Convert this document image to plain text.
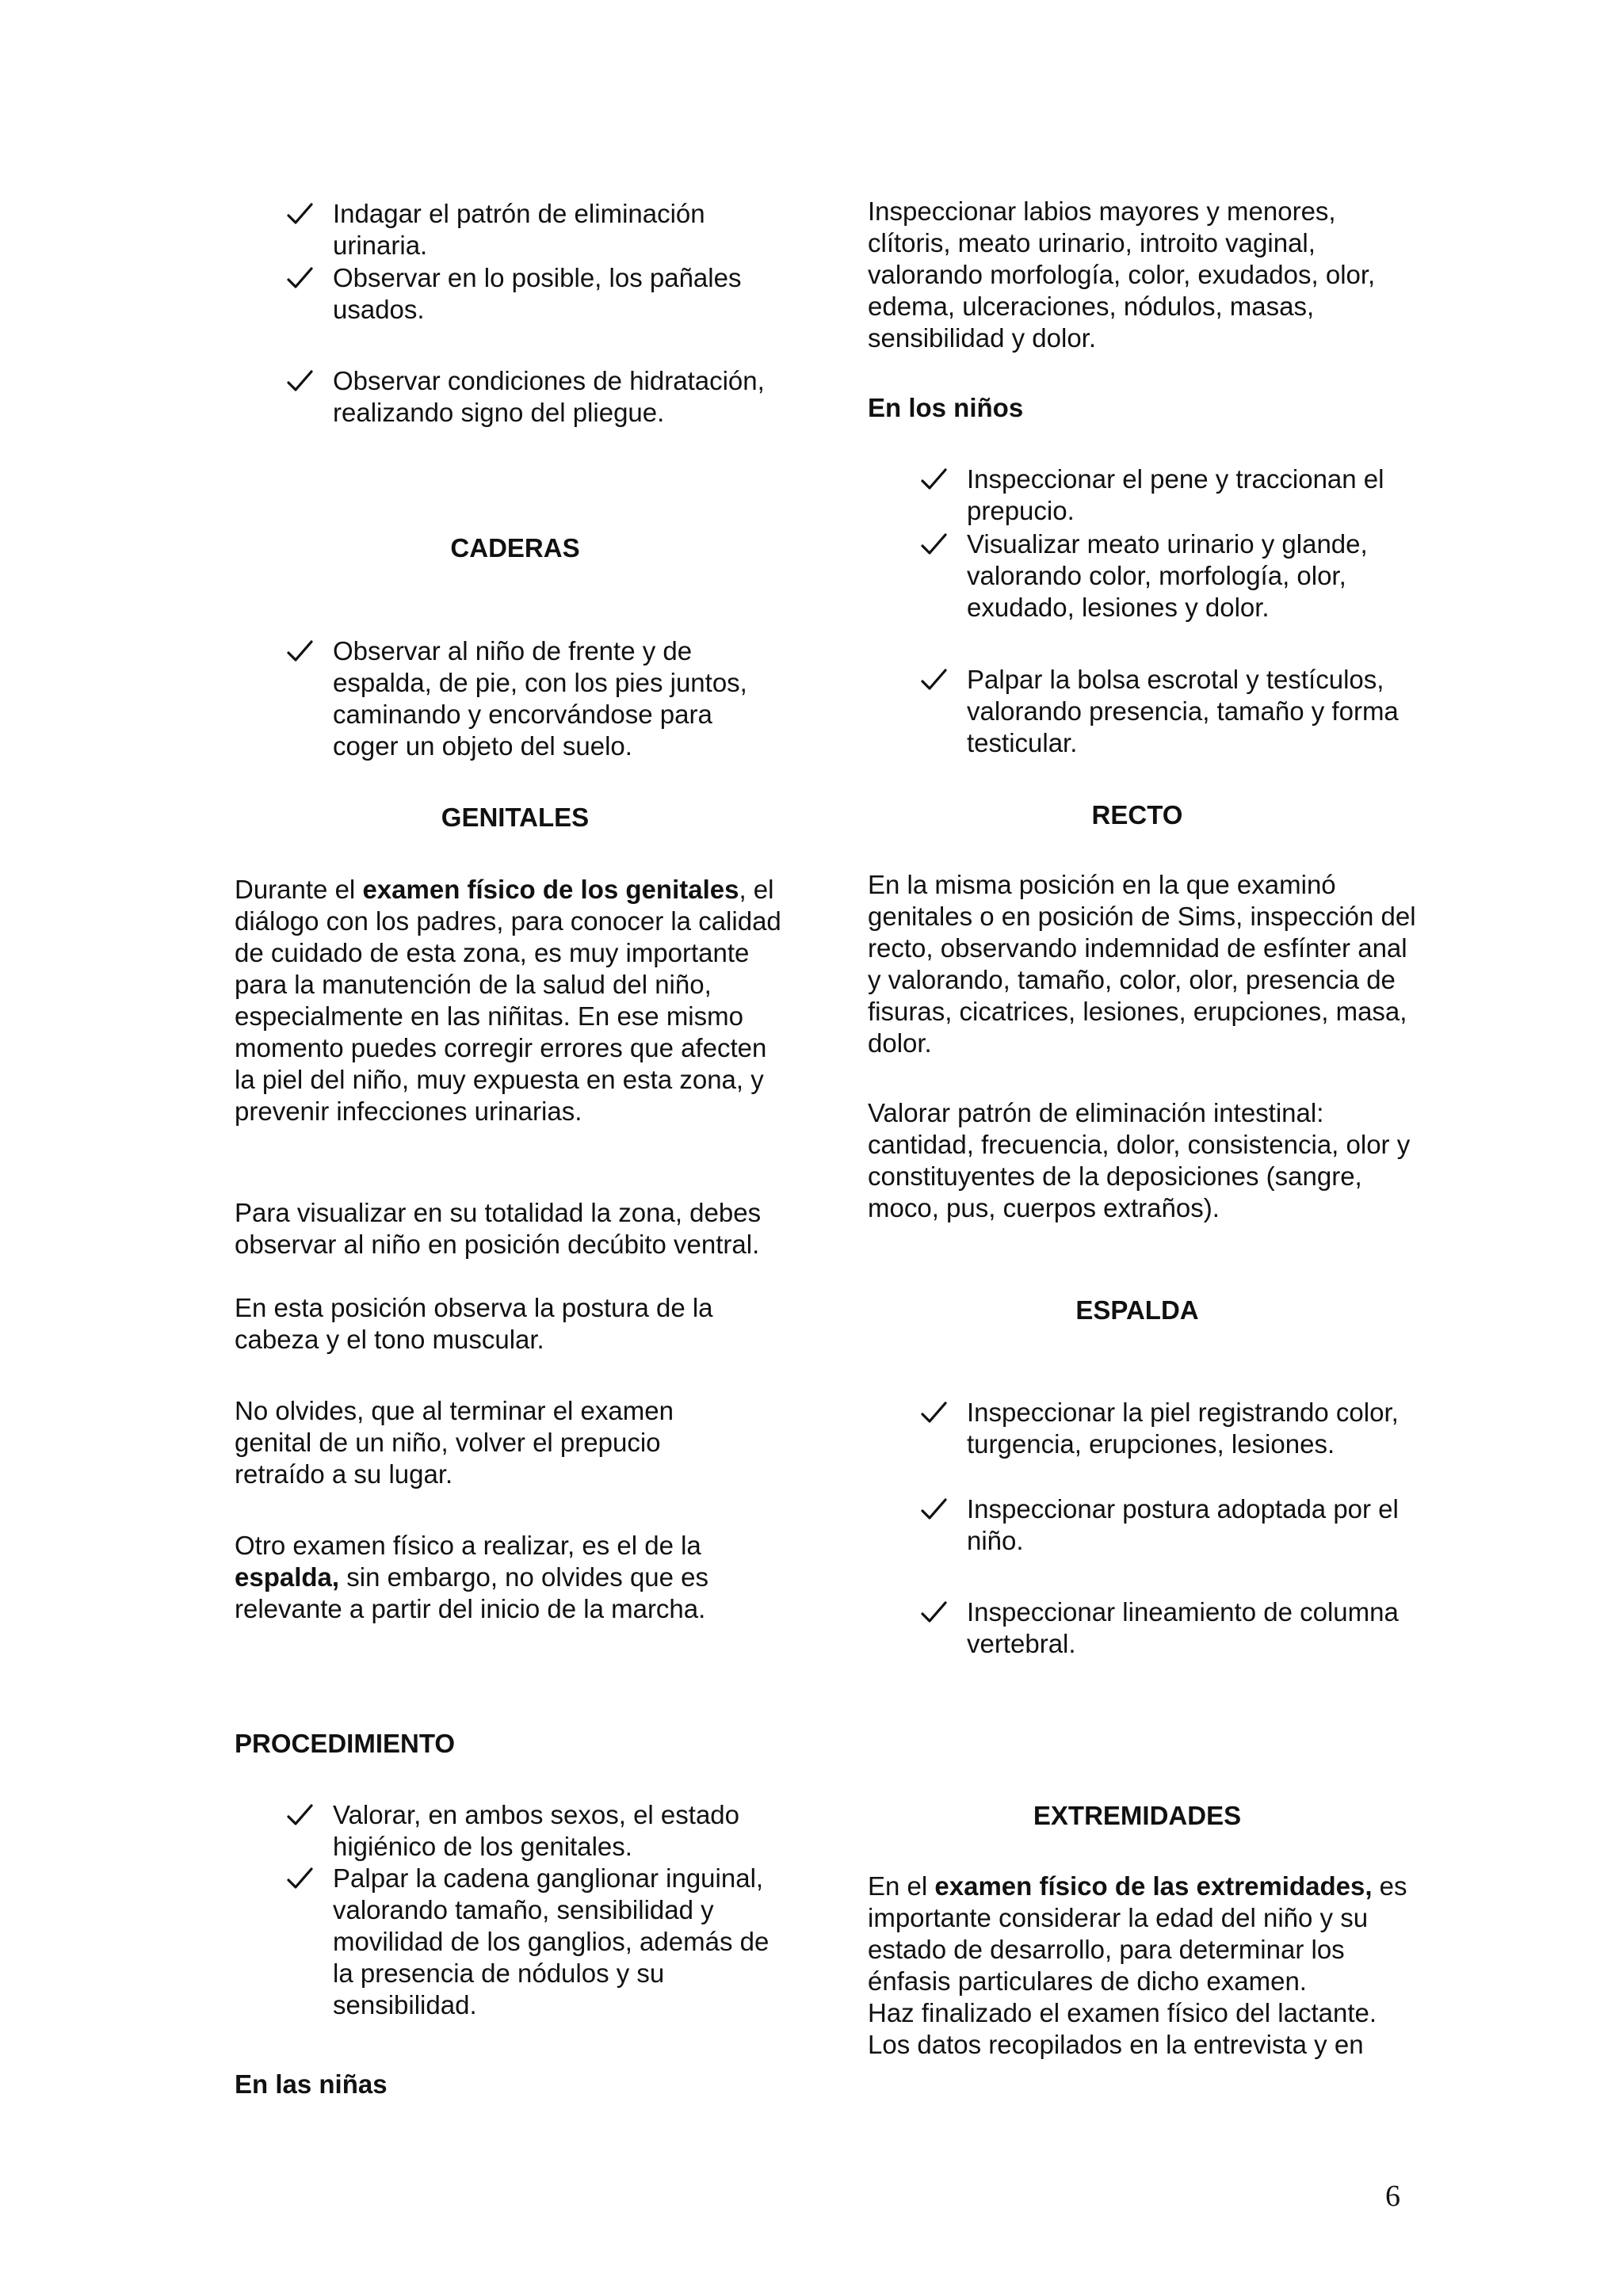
Indagar el patrón de eliminación urinaria.

Observar en lo posible, los pañales usados.

Observar condiciones de hidratación, realizando signo del pliegue.

CADERAS

Observar al niño de frente y de espalda, de pie, con los pies juntos, caminando y encorvándose para coger un objeto del suelo.

GENITALES

Durante el examen físico de los genitales, el diálogo con los padres, para conocer la calidad de cuidado de esta zona, es muy importante para la manutención de la salud del niño, especialmente en las niñitas. En ese mismo momento puedes corregir errores que afecten la piel del niño, muy expuesta en esta zona, y prevenir infecciones urinarias.

Para visualizar en su totalidad la zona, debes observar al niño en posición decúbito ventral.

En esta posición observa la postura de la cabeza y el tono muscular.

No olvides, que al terminar el examen genital de un niño, volver el prepucio retraído a su lugar.

Otro examen físico a realizar, es el de la espalda, sin embargo, no olvides que es relevante a partir del inicio de la marcha.

PROCEDIMIENTO

Valorar, en ambos sexos, el estado higiénico de los genitales.

Palpar la cadena ganglionar inguinal, valorando tamaño, sensibilidad y movilidad de los ganglios, además de la presencia de nódulos y su sensibilidad.

En las niñas

Inspeccionar labios mayores y menores, clítoris, meato urinario, introito vaginal, valorando morfología, color, exudados, olor, edema, ulceraciones, nódulos, masas, sensibilidad y dolor.

En los niños

Inspeccionar el pene y traccionan el prepucio.

Visualizar meato urinario y glande, valorando color, morfología, olor, exudado, lesiones y dolor.

Palpar la bolsa escrotal y testículos, valorando presencia, tamaño y forma testicular.

RECTO

En la misma posición en la que examinó genitales o en posición de Sims, inspección del recto, observando indemnidad de esfínter anal y valorando, tamaño, color, olor, presencia de fisuras, cicatrices, lesiones, erupciones, masa, dolor.

Valorar patrón de eliminación intestinal: cantidad, frecuencia, dolor, consistencia, olor y constituyentes de la deposiciones (sangre, moco, pus, cuerpos extraños).

ESPALDA

Inspeccionar la piel registrando color, turgencia, erupciones, lesiones.

Inspeccionar postura adoptada por el niño.

Inspeccionar lineamiento de columna vertebral.

EXTREMIDADES

En el examen físico de las extremidades, es importante considerar la edad del niño y su estado de desarrollo, para determinar los énfasis particulares de dicho examen.

Haz finalizado el examen físico del lactante. Los datos recopilados en la entrevista y en

6
